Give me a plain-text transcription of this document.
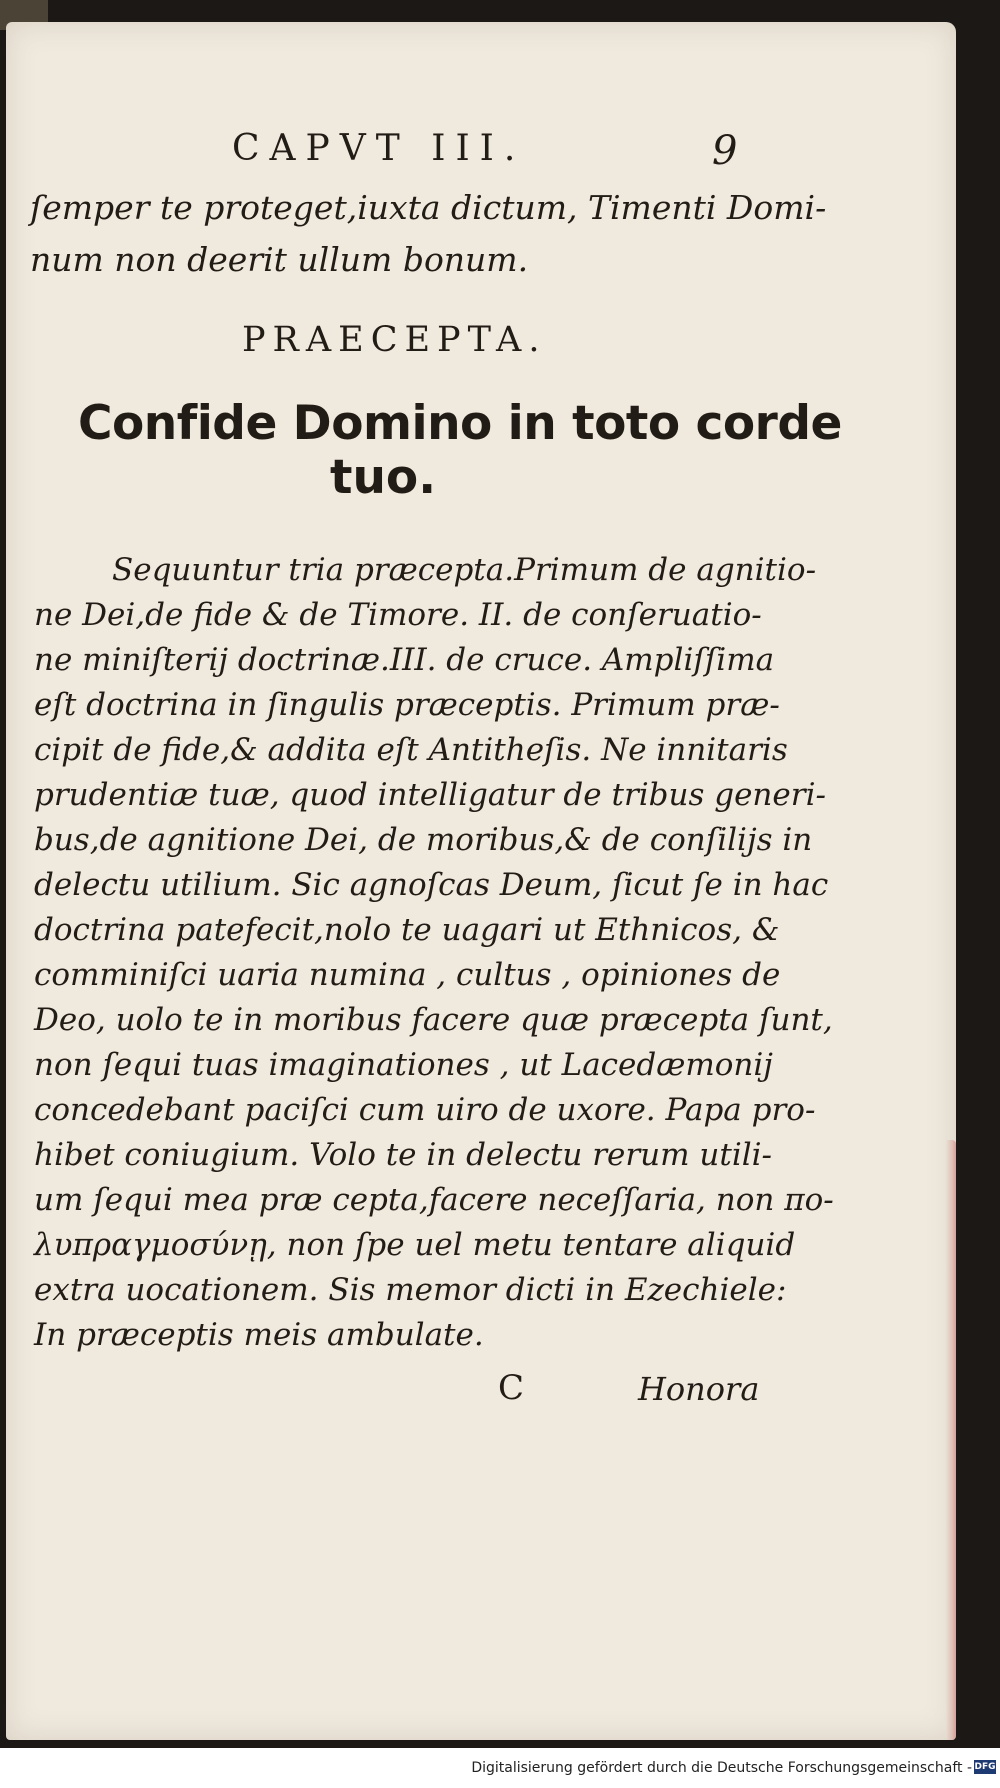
CAPVT III.	9
ſemper te proteget,iuxta dictum, Timenti Domi-
num non deerit ullum bonum.
PRAECEPTA.
Confide Domino in toto corde
tuo.
Sequuntur tria præcepta.Primum de agnitio-
ne Dei,de fide & de Timore. II. de conſeruatio-
ne miniſterij doctrinæ.III. de cruce. Ampliſſima
eſt doctrina in ſingulis præceptis. Primum præ-
cipit de fide,& addita eſt Antitheſis. Ne innitaris
prudentiæ tuæ, quod intelligatur de tribus generi-
bus,de agnitione Dei, de moribus,& de conſilijs in
delectu utilium. Sic agnoſcas Deum, ſicut ſe in hac
doctrina patefecit,nolo te uagari ut Ethnicos, &
comminiſci uaria numina , cultus , opiniones de
Deo, uolo te in moribus facere quæ præcepta ſunt,
non ſequi tuas imaginationes , ut Lacedæmonij
concedebant paciſci cum uiro de uxore. Papa pro-
hibet coniugium. Volo te in delectu rerum utili-
um ſequi mea præ cepta,facere neceſſaria, non πο-
λυπραγμοσύνῃ, non ſpe uel metu tentare aliquid
extra uocationem. Sis memor dicti in Ezechiele:
In præceptis meis ambulate.
C	Honora
Digitalisierung gefördert durch die Deutsche Forschungsgemeinschaft - DFG
